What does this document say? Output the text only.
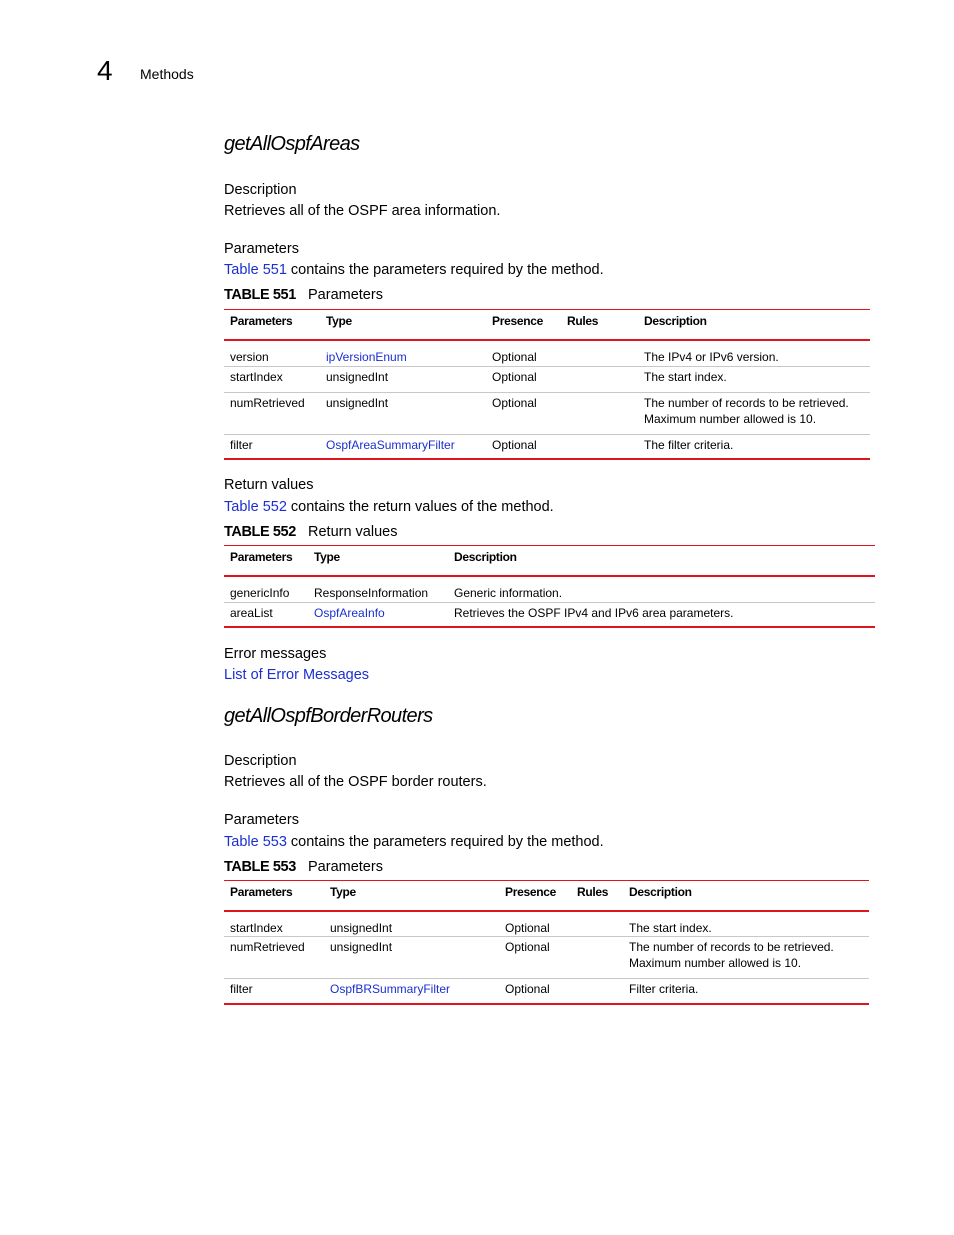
4 Methods
getAllOspfAreas
Description
Retrieves all of the OSPF area information.
Parameters
Table 551 contains the parameters required by the method.
TABLE 551 Parameters
Parameters	Type	Presence	Rules	Description
version	ipVersionEnum	Optional		The IPv4 or IPv6 version.
startIndex	unsignedInt	Optional		The start index.
numRetrieved	unsignedInt	Optional		The number of records to be retrieved. Maximum number allowed is 10.
filter	OspfAreaSummaryFilter	Optional		The filter criteria.
Return values
Table 552 contains the return values of the method.
TABLE 552 Return values
Parameters	Type	Description
genericInfo	ResponseInformation	Generic information.
areaList	OspfAreaInfo	Retrieves the OSPF IPv4 and IPv6 area parameters.
Error messages
List of Error Messages
getAllOspfBorderRouters
Description
Retrieves all of the OSPF border routers.
Parameters
Table 553 contains the parameters required by the method.
TABLE 553 Parameters
Parameters	Type	Presence	Rules	Description
startIndex	unsignedInt	Optional		The start index.
numRetrieved	unsignedInt	Optional		The number of records to be retrieved. Maximum number allowed is 10.
filter	OspfBRSummaryFilter	Optional		Filter criteria.
